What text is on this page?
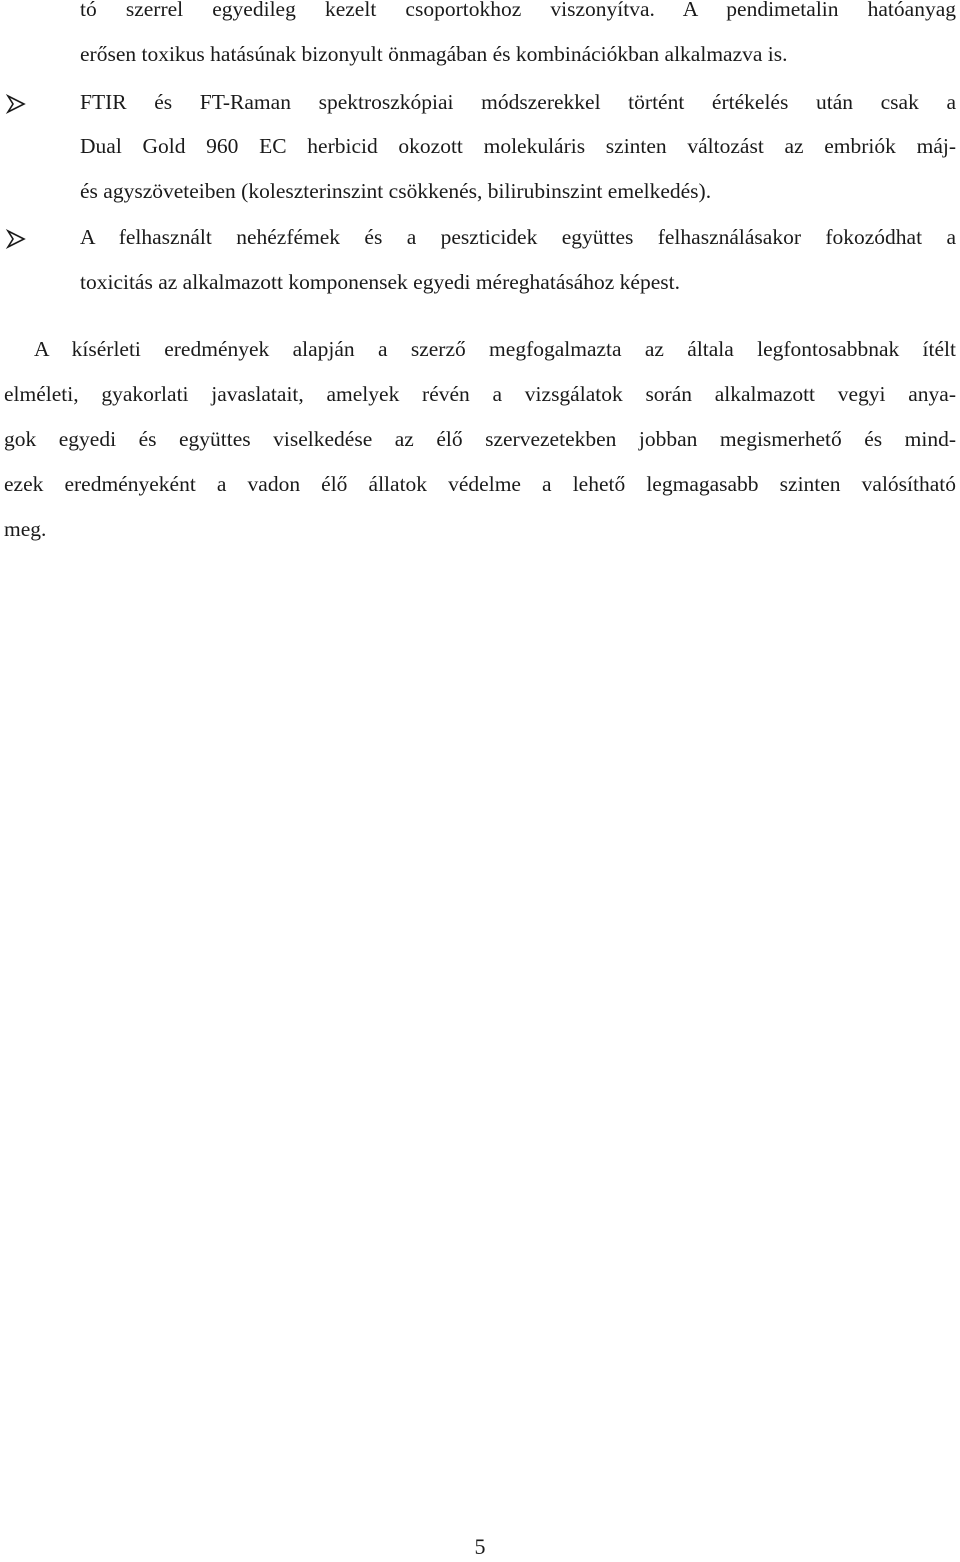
tó szerrel egyedileg kezelt csoportokhoz viszonyítva. A pendimetalin hatóanyag
erősen toxikus hatásúnak bizonyult önmagában és kombinációkban alkalmazva is.
FTIR és FT-Raman spektroszkópiai módszerekkel történt értékelés után csak a
Dual Gold 960 EC herbicid okozott molekuláris szinten változást az embriók máj-
és agyszöveteiben (koleszterinszint csökkenés, bilirubinszint emelkedés).
A felhasznált nehézfémek és a peszticidek együttes felhasználásakor fokozódhat a
toxicitás az alkalmazott komponensek egyedi méreghatásához képest.
A kísérleti eredmények alapján a szerző megfogalmazta az általa legfontosabbnak ítélt
elméleti, gyakorlati javaslatait, amelyek révén a vizsgálatok során alkalmazott vegyi anya-
gok egyedi és együttes viselkedése az élő szervezetekben jobban megismerhető és mind-
ezek eredményeként a vadon élő állatok védelme a lehető legmagasabb szinten valósítható
meg.
5
